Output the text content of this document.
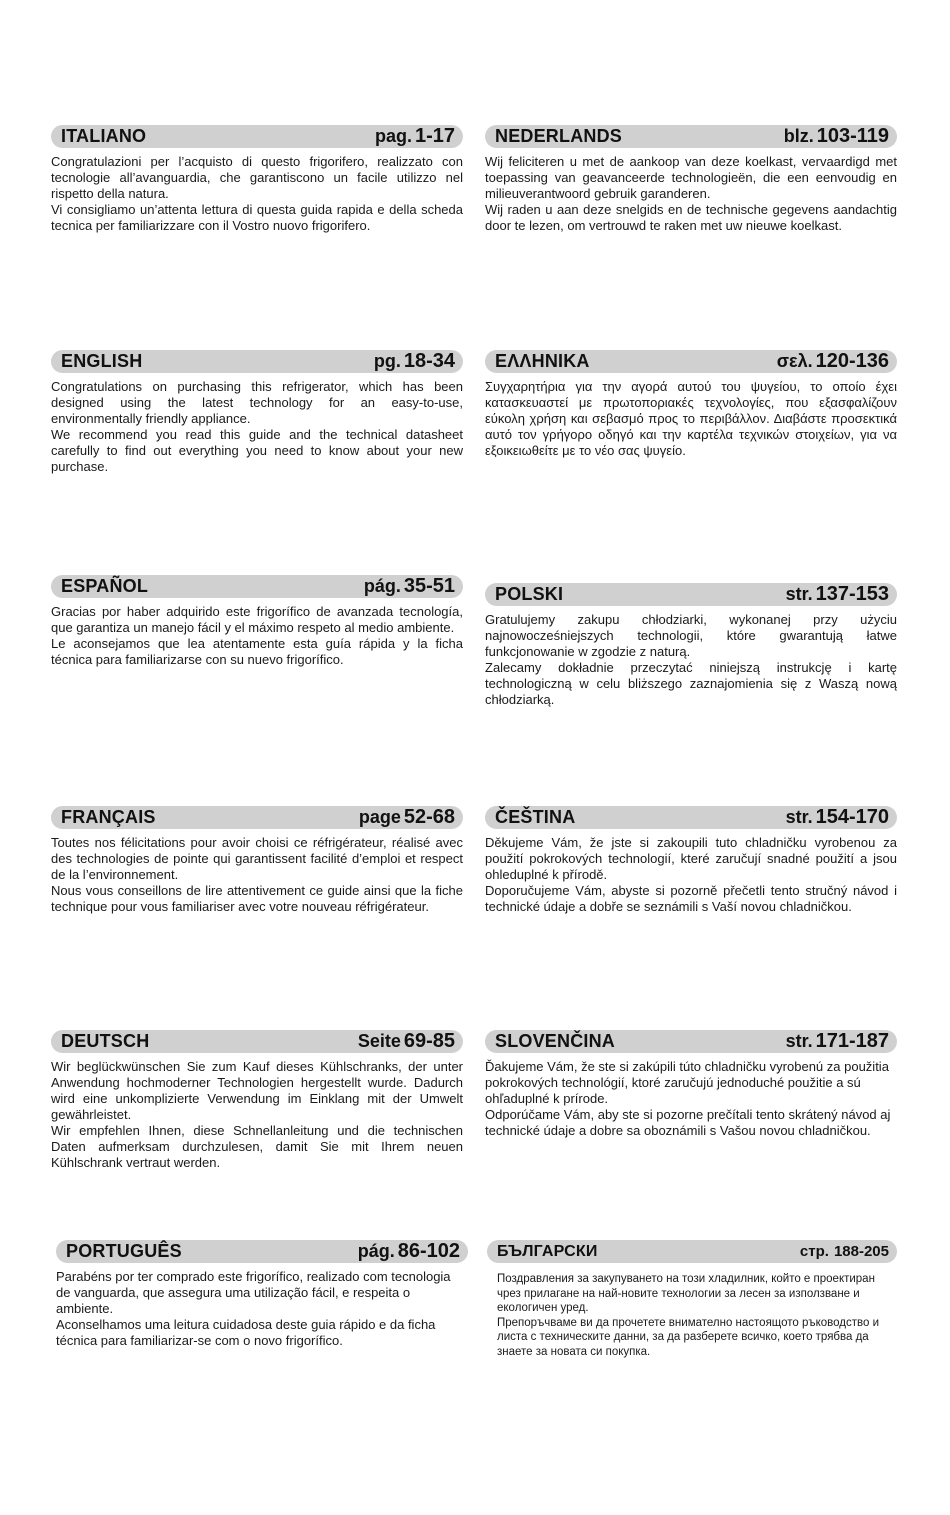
ITALIANO	pag. 1-17

Congratulazioni per l’acquisto di questo frigorifero, realizzato con tecnologie all’avanguardia, che garantiscono un facile utilizzo nel rispetto della natura.

Vi consigliamo un’attenta lettura di questa guida rapida e della scheda tecnica per familiarizzare con il Vostro nuovo frigorifero.

NEDERLANDS	blz. 103-119

Wij feliciteren u met de aankoop van deze koelkast, vervaardigd met toepassing van geavanceerde technologieën, die een eenvoudig en milieuverantwoord gebruik garanderen.

Wij raden u aan deze snelgids en de technische gegevens aandachtig door te lezen, om vertrouwd te raken met uw nieuwe koelkast.

ENGLISH	pg. 18-34

Congratulations on purchasing this refrigerator, which has been designed using the latest technology for an easy-to-use, environmentally friendly appliance.

We recommend you read this guide and the technical datasheet carefully to find out everything you need to know about your new purchase.

ΕΛΛΗΝΙΚΑ	σελ. 120-136

Συγχαρητήρια για την αγορά αυτού του ψυγείου, το οποίο έχει κατασκευαστεί με πρωτοποριακές τεχνολογίες, που εξασφαλίζουν εύκολη χρήση και σεβασμό προς το περιβάλλον. Διαβάστε προσεκτικά αυτό τον γρήγορο οδηγό και την καρτέλα τεχνικών στοιχείων, για να εξοικειωθείτε με το νέο σας ψυγείο.

ESPAÑOL	pág. 35-51

Gracias por haber adquirido este frigorífico de avanzada tecnología, que garantiza un manejo fácil y el máximo respeto al medio ambiente.

Le aconsejamos que lea atentamente esta guía rápida y la ficha técnica para familiarizarse con su nuevo frigorífico.

POLSKI	str. 137-153

Gratulujemy zakupu chłodziarki, wykonanej przy użyciu najnowocześniejszych technologii, które gwarantują łatwe funkcjonowanie w zgodzie z naturą.

Zalecamy dokładnie przeczytać niniejszą instrukcję i kartę technologiczną w celu bliższego zaznajomienia się z Waszą nową chłodziarką.

FRANÇAIS	page 52-68

Toutes nos félicitations pour avoir choisi ce réfrigérateur, réalisé avec des technologies de pointe qui garantissent facilité d’emploi et respect de la l’environnement.

Nous vous conseillons de lire attentivement ce guide ainsi que la fiche technique pour vous familiariser avec votre nouveau réfrigérateur.

ČEŠTINA	str. 154-170

Děkujeme Vám, že jste si zakoupili tuto chladničku vyrobenou za použití pokrokových technologií, které zaručují snadné použití a jsou ohleduplné k přírodě.

Doporučujeme Vám, abyste si pozorně přečetli tento stručný návod i technické údaje a dobře se seznámili s Vaší novou chladničkou.

DEUTSCH	Seite 69-85

Wir beglückwünschen Sie zum Kauf dieses Kühlschranks, der unter Anwendung hochmoderner Technologien hergestellt wurde. Dadurch wird eine unkomplizierte Verwendung im Einklang mit der Umwelt gewährleistet.

Wir empfehlen Ihnen, diese Schnellanleitung und die technischen Daten aufmerksam durchzulesen, damit Sie mit Ihrem neuen Kühlschrank vertraut werden.

SLOVENČINA	str. 171-187

Ďakujeme Vám, že ste si zakúpili túto chladničku vyrobenú za použitia pokrokových technológií, ktoré zaručujú jednoduché použitie a sú ohľaduplné k prírode.

Odporúčame Vám, aby ste si pozorne prečítali tento skrátený návod aj technické údaje a dobre sa oboznámili s Vašou novou chladničkou.

PORTUGUÊS	pág. 86-102

Parabéns por ter comprado este frigorífico, realizado com tecnologia de vanguarda, que assegura uma utilização fácil, e respeita o ambiente.

Aconselhamos uma leitura cuidadosa deste guia rápido e da ficha técnica para familiarizar-se com o novo frigorífico.

БЪЛГАРСКИ	стр. 188-205

Поздравления за закупуването на този хладилник, който е проектиран чрез прилагане на най-новите технологии за лесен за използване и екологичен уред.

Препоръчваме ви да прочетете внимателно настоящото ръководство и листа с техническите данни, за да разберете всичко, което трябва да знаете за новата си покупка.
